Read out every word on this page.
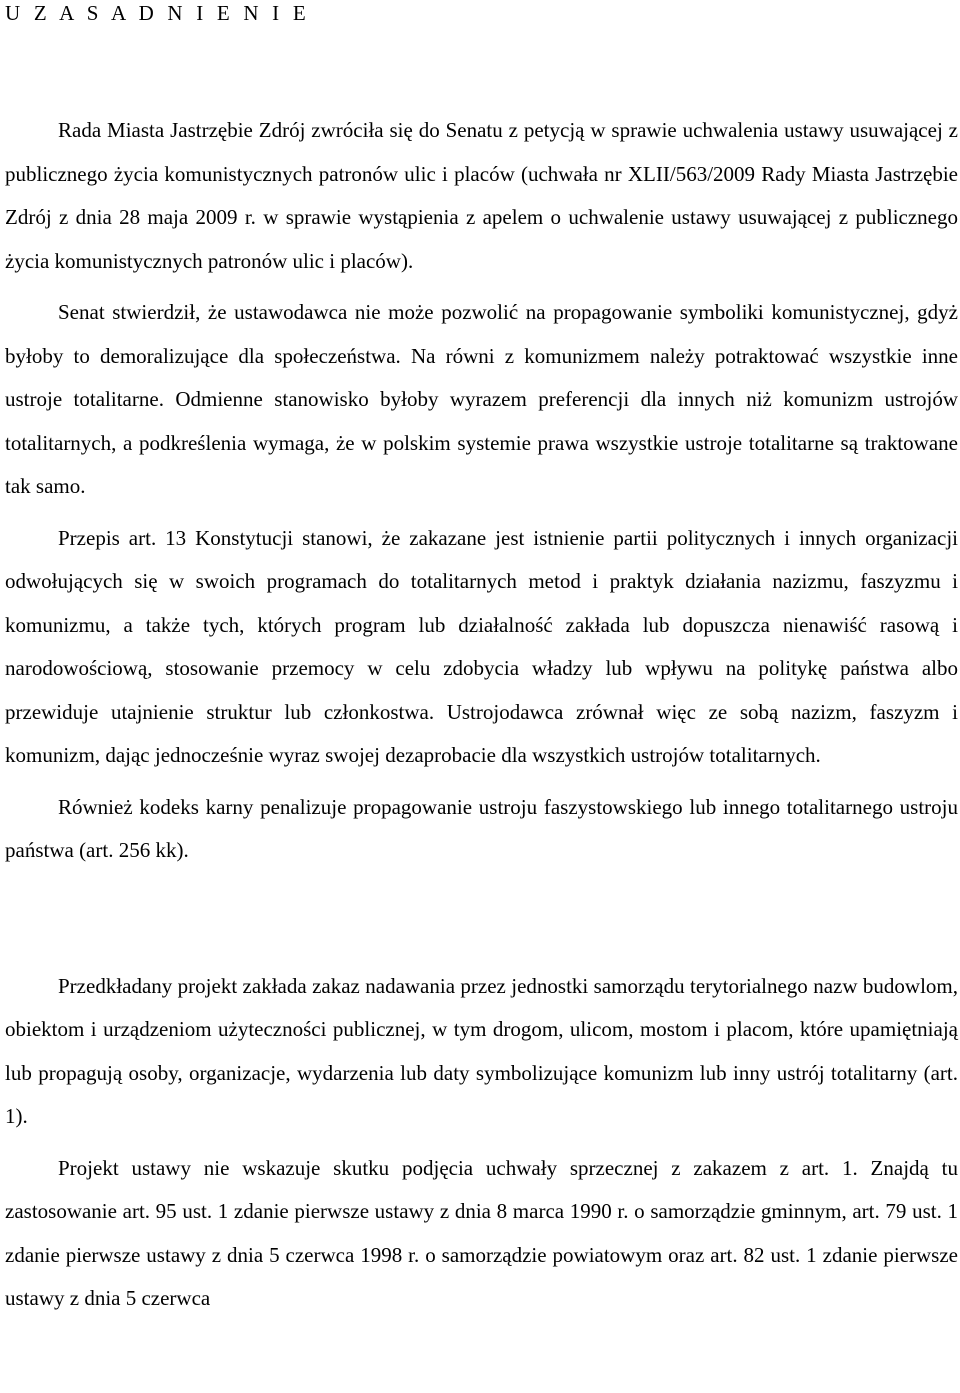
U Z A S A D N I E N I E

Rada Miasta Jastrzębie Zdrój zwróciła się do Senatu z petycją w sprawie uchwalenia ustawy usuwającej z publicznego życia komunistycznych patronów ulic i placów (uchwała nr XLII/563/2009 Rady Miasta Jastrzębie Zdrój z dnia 28 maja 2009 r. w sprawie wystąpienia z apelem o uchwalenie ustawy usuwającej z publicznego życia komunistycznych patronów ulic i placów).

Senat stwierdził, że ustawodawca nie może pozwolić na propagowanie symboliki komunistycznej, gdyż byłoby to demoralizujące dla społeczeństwa. Na równi z komunizmem należy potraktować wszystkie inne ustroje totalitarne. Odmienne stanowisko byłoby wyrazem preferencji dla innych niż komunizm ustrojów totalitarnych, a podkreślenia wymaga, że w polskim systemie prawa wszystkie ustroje totalitarne są traktowane tak samo.

Przepis art. 13 Konstytucji stanowi, że zakazane jest istnienie partii politycznych i innych organizacji odwołujących się w swoich programach do totalitarnych metod i praktyk działania nazizmu, faszyzmu i komunizmu, a także tych, których program lub działalność zakłada lub dopuszcza nienawiść rasową i narodowościową, stosowanie przemocy w celu zdobycia władzy lub wpływu na politykę państwa albo przewiduje utajnienie struktur lub członkostwa. Ustrojodawca zrównał więc ze sobą nazizm, faszyzm i komunizm, dając jednocześnie wyraz swojej dezaprobacie dla wszystkich ustrojów totalitarnych.

Również kodeks karny penalizuje propagowanie ustroju faszystowskiego lub innego totalitarnego ustroju państwa (art. 256 kk).

Przedkładany projekt zakłada zakaz nadawania przez jednostki samorządu terytorialnego nazw budowlom, obiektom i urządzeniom użyteczności publicznej, w tym drogom, ulicom, mostom i placom, które upamiętniają lub propagują osoby, organizacje, wydarzenia lub daty symbolizujące komunizm lub inny ustrój totalitarny (art. 1).

Projekt ustawy nie wskazuje skutku podjęcia uchwały sprzecznej z zakazem z art. 1. Znajdą tu zastosowanie art. 95 ust. 1 zdanie pierwsze ustawy z dnia 8 marca 1990 r. o samorządzie gminnym, art. 79 ust. 1 zdanie pierwsze ustawy z dnia 5 czerwca 1998 r. o samorządzie powiatowym oraz art. 82 ust. 1 zdanie pierwsze ustawy z dnia 5 czerwca
